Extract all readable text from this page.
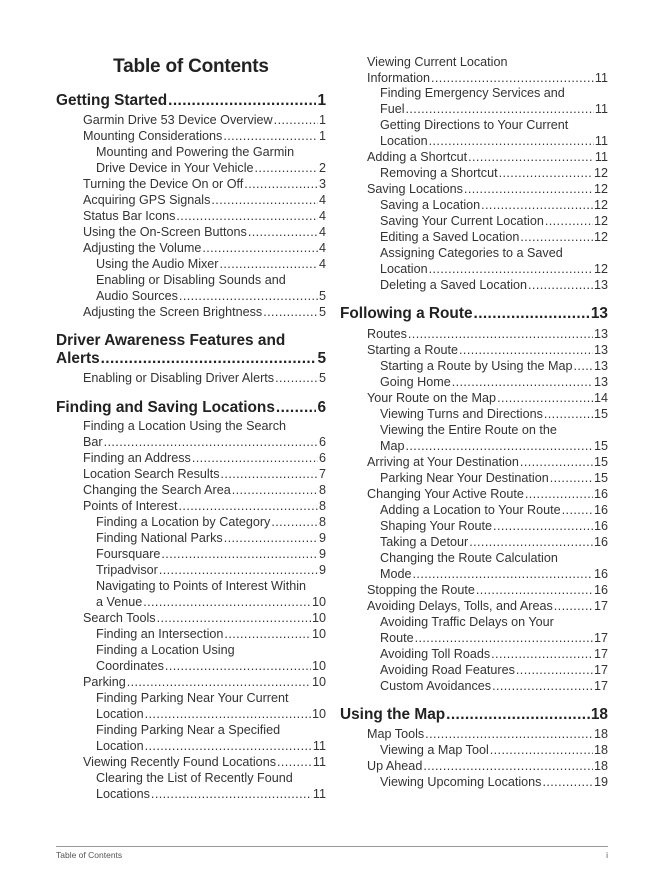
Table of Contents
Getting Started .....	1
Garmin Drive 53 Device Overview .....	1
Mounting Considerations .....	1
Mounting and Powering the Garmin
Drive Device in Your Vehicle .....	2
Turning the Device On or Off .....	3
Acquiring GPS Signals .....	4
Status Bar Icons .....	4
Using the On-Screen Buttons .....	4
Adjusting the Volume .....	4
Using the Audio Mixer .....	4
Enabling or Disabling Sounds and
Audio Sources .....	5
Adjusting the Screen Brightness .....	5
Driver Awareness Features and
Alerts .....	5
Enabling or Disabling Driver Alerts .....	5
Finding and Saving Locations .....	6
Finding a Location Using the Search
Bar .....	6
Finding an Address .....	6
Location Search Results .....	7
Changing the Search Area .....	8
Points of Interest .....	8
Finding a Location by Category .....	8
Finding National Parks .....	9
Foursquare .....	9
Tripadvisor .....	9
Navigating to Points of Interest Within
a Venue .....	10
Search Tools .....	10
Finding an Intersection .....	10
Finding a Location Using
Coordinates .....	10
Parking .....	10
Finding Parking Near Your Current
Location .....	10
Finding Parking Near a Specified
Location .....	11
Viewing Recently Found Locations .....	11
Clearing the List of Recently Found
Locations .....	11
Viewing Current Location
Information .....	11
Finding Emergency Services and
Fuel .....	11
Getting Directions to Your Current
Location .....	11
Adding a Shortcut .....	11
Removing a Shortcut .....	12
Saving Locations .....	12
Saving a Location .....	12
Saving Your Current Location .....	12
Editing a Saved Location .....	12
Assigning Categories to a Saved
Location .....	12
Deleting a Saved Location .....	13
Following a Route .....	13
Routes .....	13
Starting a Route .....	13
Starting a Route by Using the Map ..... 13
Going Home .....	13
Your Route on the Map .....	14
Viewing Turns and Directions .....	15
Viewing the Entire Route on the
Map .....	15
Arriving at Your Destination .....	15
Parking Near Your Destination .....	15
Changing Your Active Route .....	16
Adding a Location to Your Route .....	16
Shaping Your Route .....	16
Taking a Detour .....	16
Changing the Route Calculation
Mode .....	16
Stopping the Route .....	16
Avoiding Delays, Tolls, and Areas .....	17
Avoiding Traffic Delays on Your
Route .....	17
Avoiding Toll Roads .....	17
Avoiding Road Features .....	17
Custom Avoidances .....	17
Using the Map .....	18
Map Tools .....	18
Viewing a Map Tool .....	18
Up Ahead .....	18
Viewing Upcoming Locations .....	19
Table of Contents	i
